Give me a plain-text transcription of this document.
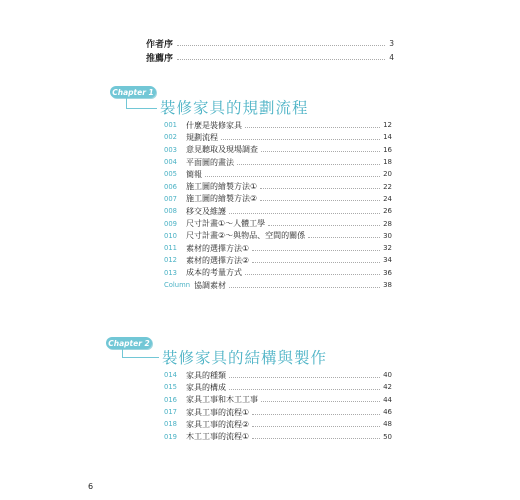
作者序	3
推薦序	4
Chapter 1
裝修家具的規劃流程
001	什麼是裝修家具	12
002	規劃流程	14
003	意見聽取及現場調查	16
004	平面圖的畫法	18
005	簡報	20
006	施工圖的繪製方法①	22
007	施工圖的繪製方法②	24
008	移交及維護	26
009	尺寸計畫①～人體工學	28
010	尺寸計畫②～與物品、空間的關係	30
011	素材的選擇方法①	32
012	素材的選擇方法②	34
013	成本的考量方式	36
Column 協調素材	38
Chapter 2
裝修家具的結構與製作
014	家具的種類	40
015	家具的構成	42
016	家具工事和木工工事	44
017	家具工事的流程①	46
018	家具工事的流程②	48
019	木工工事的流程①	50
6
